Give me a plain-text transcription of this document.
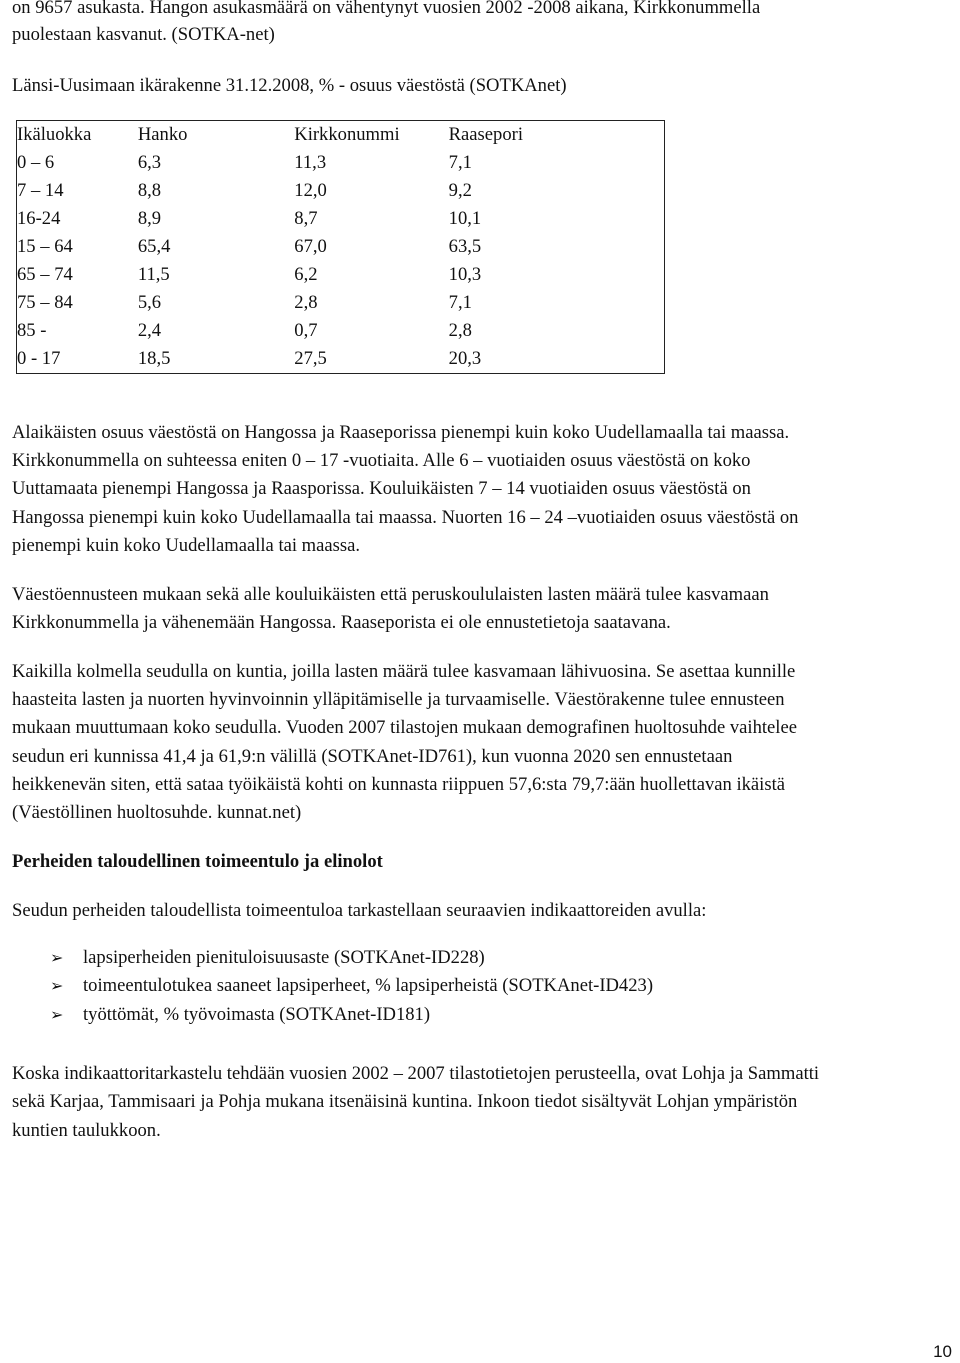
on 9657 asukasta. Hangon asukasmäärä on vähentynyt vuosien 2002 -2008 aikana, Kirkkonummella
puolestaan kasvanut. (SOTKA-net)
Länsi-Uusimaan ikärakenne 31.12.2008, % - osuus väestöstä (SOTKAnet)
Ikäluokka	Hanko	Kirkkonummi	Raasepori
0 – 6	6,3	11,3	7,1
7 – 14	8,8	12,0	9,2
16-24	8,9	8,7	10,1
15 – 64	65,4	67,0	63,5
65 – 74	11,5	6,2	10,3
75 – 84	5,6	2,8	7,1
85 -	2,4	0,7	2,8
0 - 17	18,5	27,5	20,3
Alaikäisten osuus väestöstä on Hangossa ja Raaseporissa pienempi kuin koko Uudellamaalla tai maassa.
Kirkkonummella on suhteessa eniten 0 – 17 -vuotiaita. Alle 6 – vuotiaiden osuus väestöstä on koko
Uuttamaata pienempi Hangossa ja Raasporissa. Kouluikäisten 7 – 14 vuotiaiden osuus väestöstä on
Hangossa pienempi kuin koko Uudellamaalla tai maassa. Nuorten 16 – 24 –vuotiaiden osuus väestöstä on
pienempi kuin koko Uudellamaalla tai maassa.
Väestöennusteen mukaan sekä alle kouluikäisten että peruskoululaisten lasten määrä tulee kasvamaan
Kirkkonummella ja vähenemään Hangossa. Raaseporista ei ole ennustetietoja saatavana.
Kaikilla kolmella seudulla on kuntia, joilla lasten määrä tulee kasvamaan lähivuosina. Se asettaa kunnille
haasteita lasten ja nuorten hyvinvoinnin ylläpitämiselle ja turvaamiselle. Väestörakenne tulee ennusteen
mukaan muuttumaan koko seudulla. Vuoden 2007 tilastojen mukaan demografinen huoltosuhde vaihtelee
seudun eri kunnissa 41,4 ja 61,9:n välillä (SOTKAnet-ID761), kun vuonna 2020 sen ennustetaan
heikkenevän siten, että sataa työikäistä kohti on kunnasta riippuen 57,6:sta 79,7:ään huollettavan ikäistä
(Väestöllinen huoltosuhde. kunnat.net)
Perheiden taloudellinen toimeentulo ja elinolot
Seudun perheiden taloudellista toimeentuloa tarkastellaan seuraavien indikaattoreiden avulla:
➢ lapsiperheiden pienituloisuusaste (SOTKAnet-ID228)
➢ toimeentulotukea saaneet lapsiperheet, % lapsiperheistä (SOTKAnet-ID423)
➢ työttömät, % työvoimasta (SOTKAnet-ID181)
Koska indikaattoritarkastelu tehdään vuosien 2002 – 2007 tilastotietojen perusteella, ovat Lohja ja Sammatti
sekä Karjaa, Tammisaari ja Pohja mukana itsenäisinä kuntina. Inkoon tiedot sisältyvät Lohjan ympäristön
kuntien taulukkoon.
10
